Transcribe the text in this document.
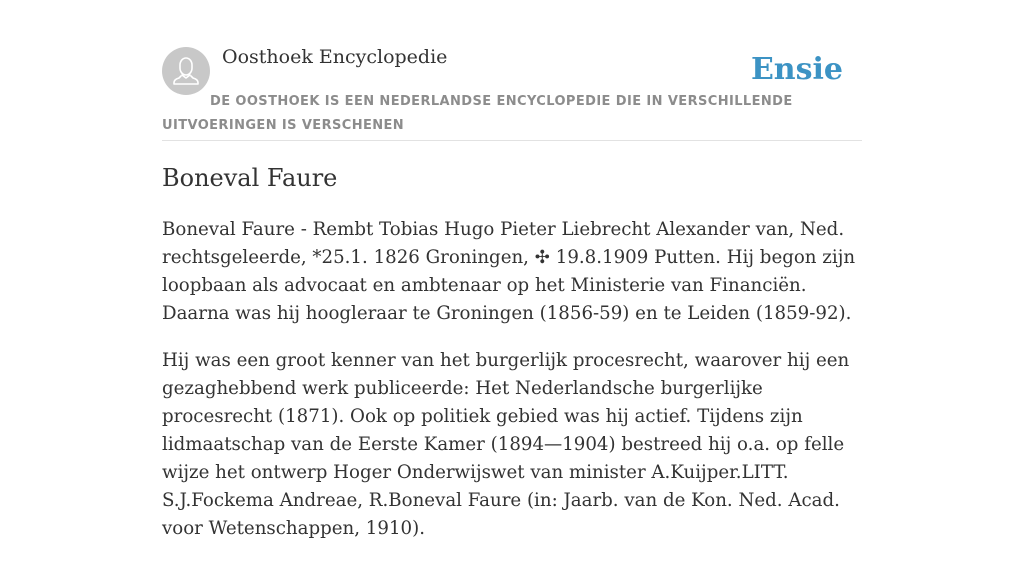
Oosthoek Encyclopedie	Ensie
DE OOSTHOEK IS EEN NEDERLANDSE ENCYCLOPEDIE DIE IN VERSCHILLENDE UITVOERINGEN IS VERSCHENEN
Boneval Faure

Boneval Faure - Rembt Tobias Hugo Pieter Liebrecht Alexander van, Ned. rechtsgeleerde, *25.1. 1826 Groningen, ✣ 19.8.1909 Putten. Hij begon zijn loopbaan als advocaat en ambtenaar op het Ministerie van Financiën. Daarna was hij hoogleraar te Groningen (1856-59) en te Leiden (1859-92).

Hij was een groot kenner van het burgerlijk procesrecht, waarover hij een gezaghebbend werk publiceerde: Het Nederlandsche burgerlijke procesrecht (1871). Ook op politiek gebied was hij actief. Tijdens zijn lidmaatschap van de Eerste Kamer (1894—1904) bestreed hij o.a. op felle wijze het ontwerp Hoger Onderwijswet van minister A.Kuijper.LITT. S.J.Fockema Andreae, R.Boneval Faure (in: Jaarb. van de Kon. Ned. Acad. voor Wetenschappen, 1910).
